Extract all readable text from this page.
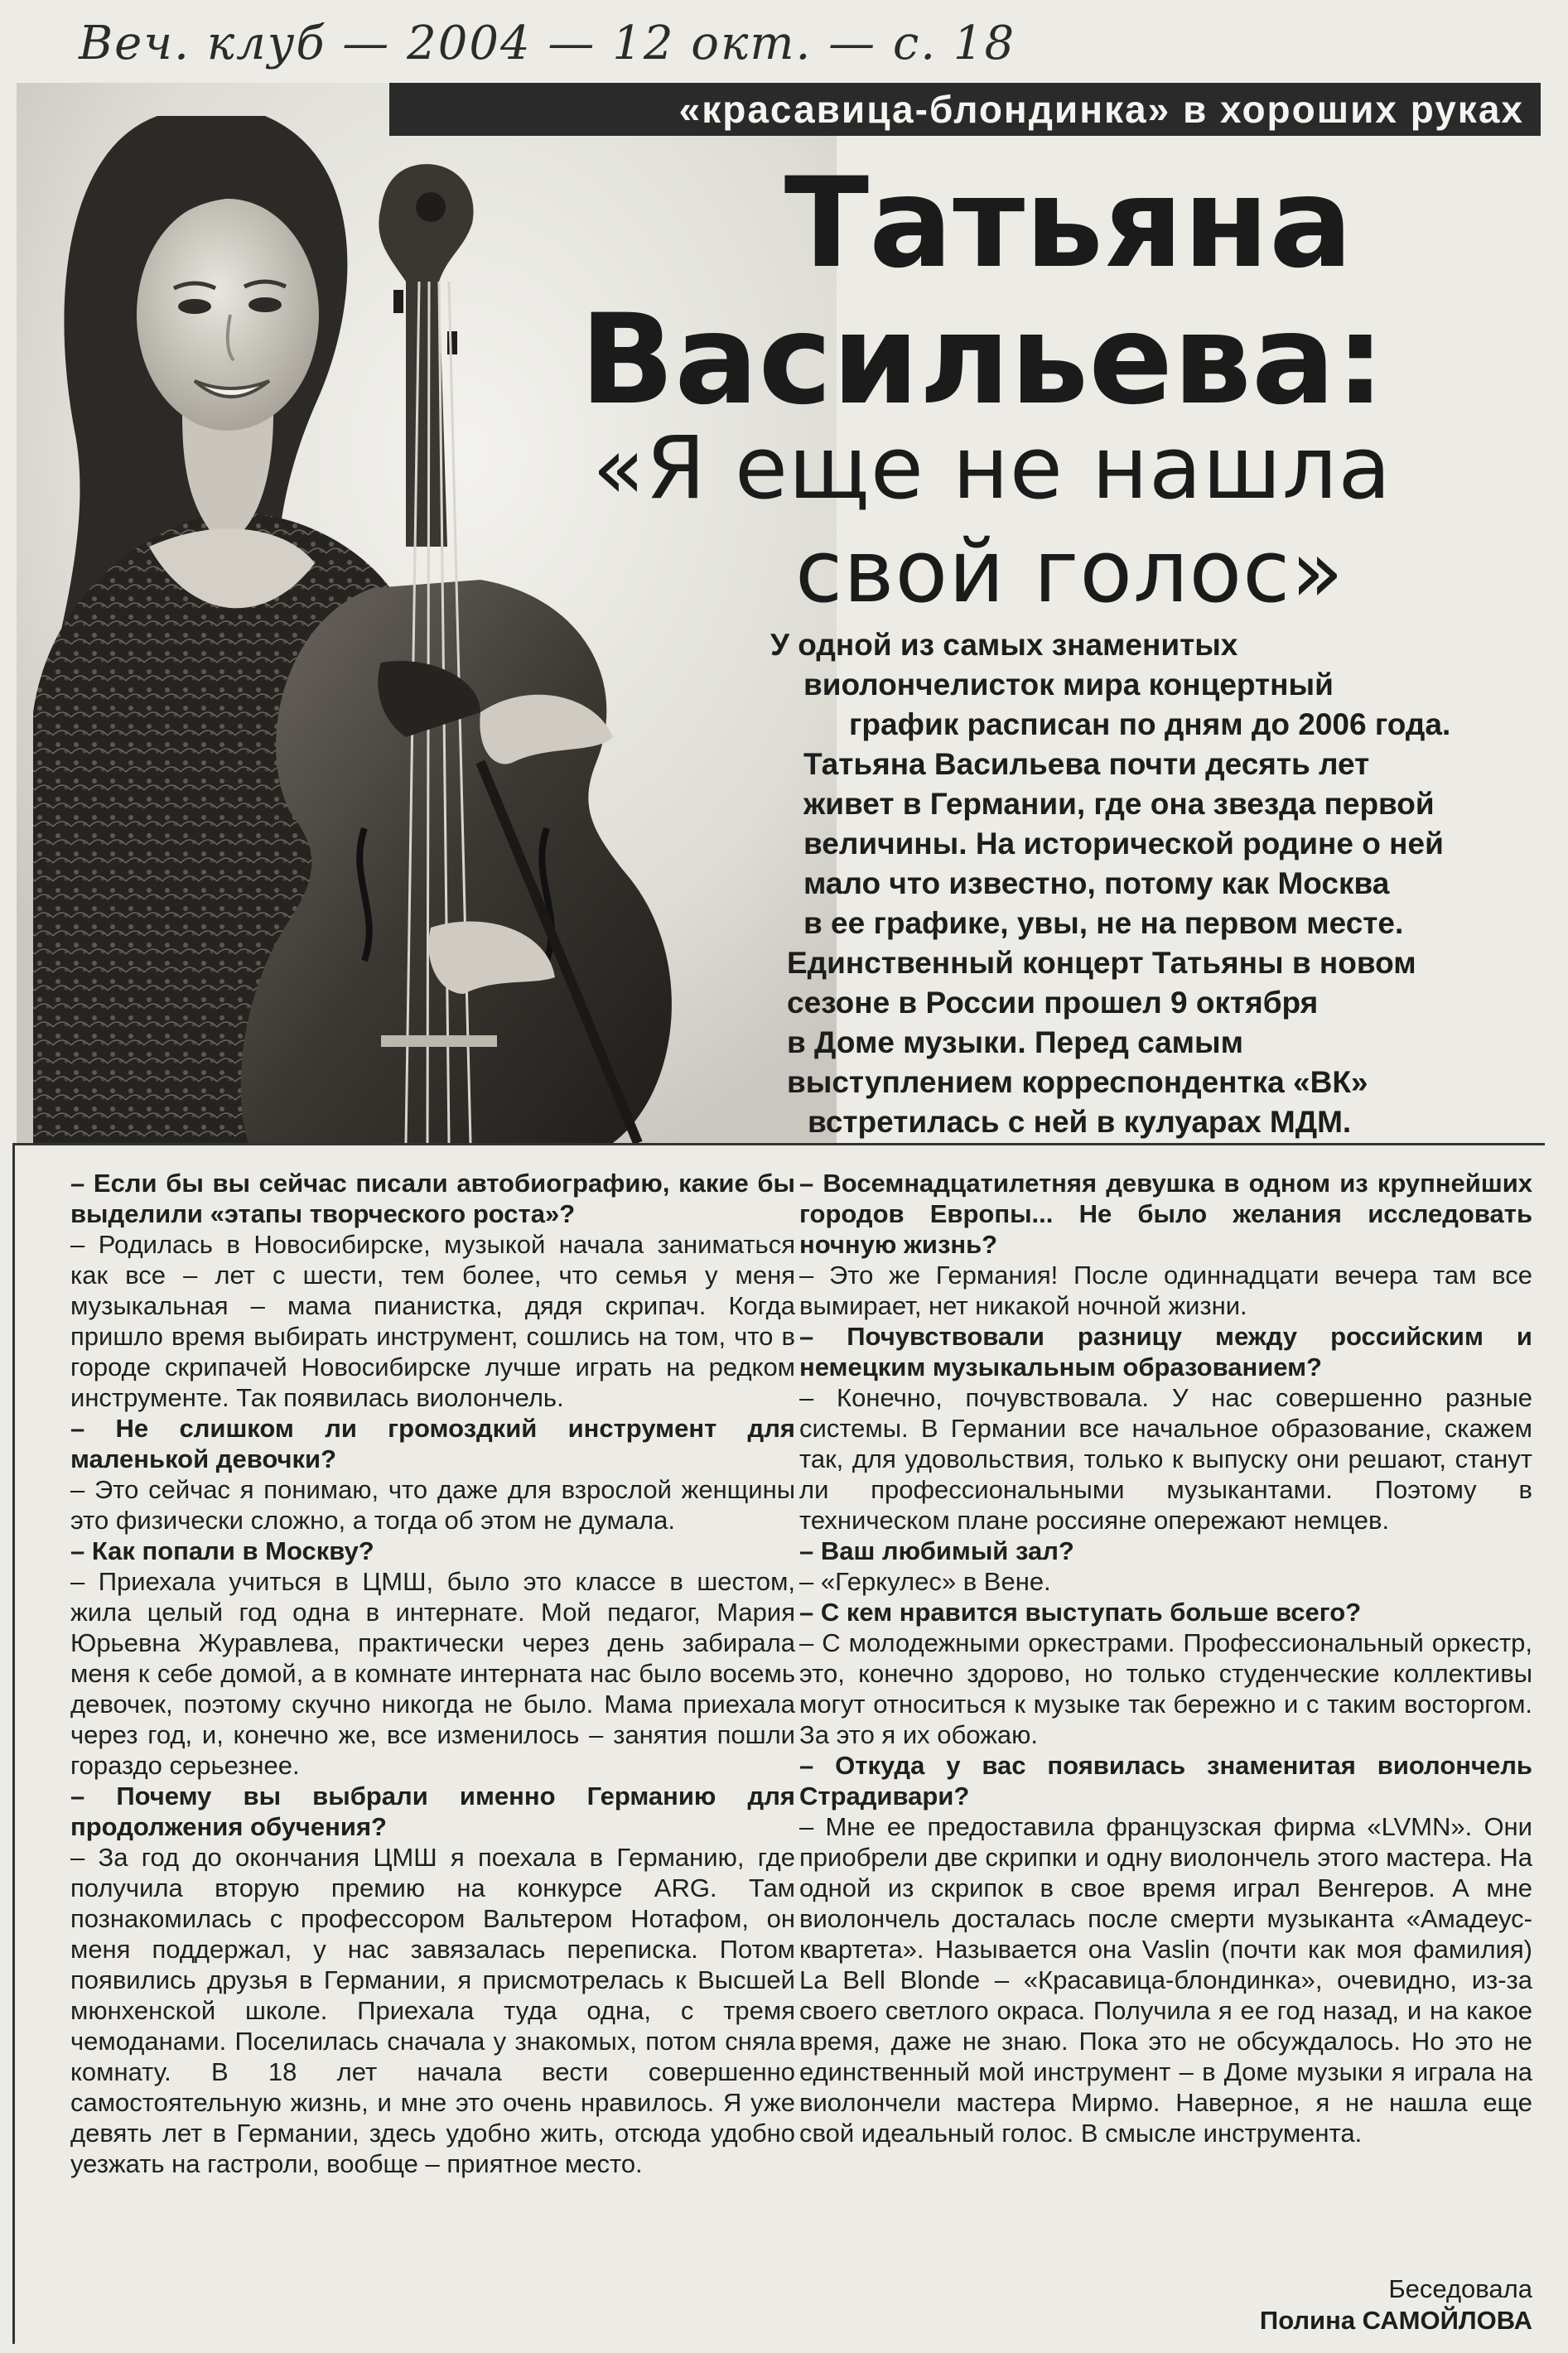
Веч. клуб — 2004 — 12 окт. — с. 18
«красавица-блондинка» в хороших руках
Татьяна
Васильева:
«Я еще не нашла
свой голос»
У одной из самых знаменитых
виолончелисток мира концертный
график расписан по дням до 2006 года.
Татьяна Васильева почти десять лет
живет в Германии, где она звезда первой
величины. На исторической родине о ней
мало что известно, потому как Москва
в ее графике, увы, не на первом месте.
Единственный концерт Татьяны в новом
сезоне в России прошел 9 октября
в Доме музыки. Перед самым
выступлением корреспондентка «ВК»
встретилась с ней в кулуарах МДМ.
– Если бы вы сейчас писали автобиографию, какие бы выделили «этапы творческого роста»?
– Родилась в Новосибирске, музыкой начала заниматься как все – лет с шести, тем более, что семья у меня музыкальная – мама пианистка, дядя скрипач. Когда пришло время выбирать инструмент, сошлись на том, что в городе скрипачей Новосибирске лучше играть на редком инструменте. Так появилась виолончель.
– Не слишком ли громоздкий инструмент для маленькой девочки?
– Это сейчас я понимаю, что даже для взрослой женщины это физически сложно, а тогда об этом не думала.
– Как попали в Москву?
– Приехала учиться в ЦМШ, было это классе в шестом, жила целый год одна в интернате. Мой педагог, Мария Юрьевна Журавлева, практически через день забирала меня к себе домой, а в комнате интерната нас было восемь девочек, поэтому скучно никогда не было. Мама приехала через год, и, конечно же, все изменилось – занятия пошли гораздо серьезнее.
– Почему вы выбрали именно Германию для продолжения обучения?
– За год до окончания ЦМШ я поехала в Германию, где получила вторую премию на конкурсе ARG. Там познакомилась с профессором Вальтером Нотафом, он меня поддержал, у нас завязалась переписка. Потом появились друзья в Германии, я присмотрелась к Высшей мюнхенской школе. Приехала туда одна, с тремя чемоданами. Поселилась сначала у знакомых, потом сняла комнату. В 18 лет начала вести совершенно самостоятельную жизнь, и мне это очень нравилось. Я уже девять лет в Германии, здесь удобно жить, отсюда удобно уезжать на гастроли, вообще – приятное место.
– Восемнадцатилетняя девушка в одном из крупнейших городов Европы... Не было желания исследовать ночную жизнь?
– Это же Германия! После одиннадцати вечера там все вымирает, нет никакой ночной жизни.
– Почувствовали разницу между российским и немецким музыкальным образованием?
– Конечно, почувствовала. У нас совершенно разные системы. В Германии все начальное образование, скажем так, для удовольствия, только к выпуску они решают, станут ли профессиональными музыкантами. Поэтому в техническом плане россияне опережают немцев.
– Ваш любимый зал?
– «Геркулес» в Вене.
– С кем нравится выступать больше всего?
– С молодежными оркестрами. Профессиональный оркестр, это, конечно здорово, но только студенческие коллективы могут относиться к музыке так бережно и с таким восторгом. За это я их обожаю.
– Откуда у вас появилась знаменитая виолончель Страдивари?
– Мне ее предоставила французская фирма «LVMN». Они приобрели две скрипки и одну виолончель этого мастера. На одной из скрипок в свое время играл Венгеров. А мне виолончель досталась после смерти музыканта «Амадеус-квартета». Называется она Vaslin (почти как моя фамилия) La Bell Blonde – «Красавица-блондинка», очевидно, из-за своего светлого окраса. Получила я ее год назад, и на какое время, даже не знаю. Пока это не обсуждалось. Но это не единственный мой инструмент – в Доме музыки я играла на виолончели мастера Мирмо. Наверное, я не нашла еще свой идеальный голос. В смысле инструмента.
Беседовала
Полина САМОЙЛОВА
